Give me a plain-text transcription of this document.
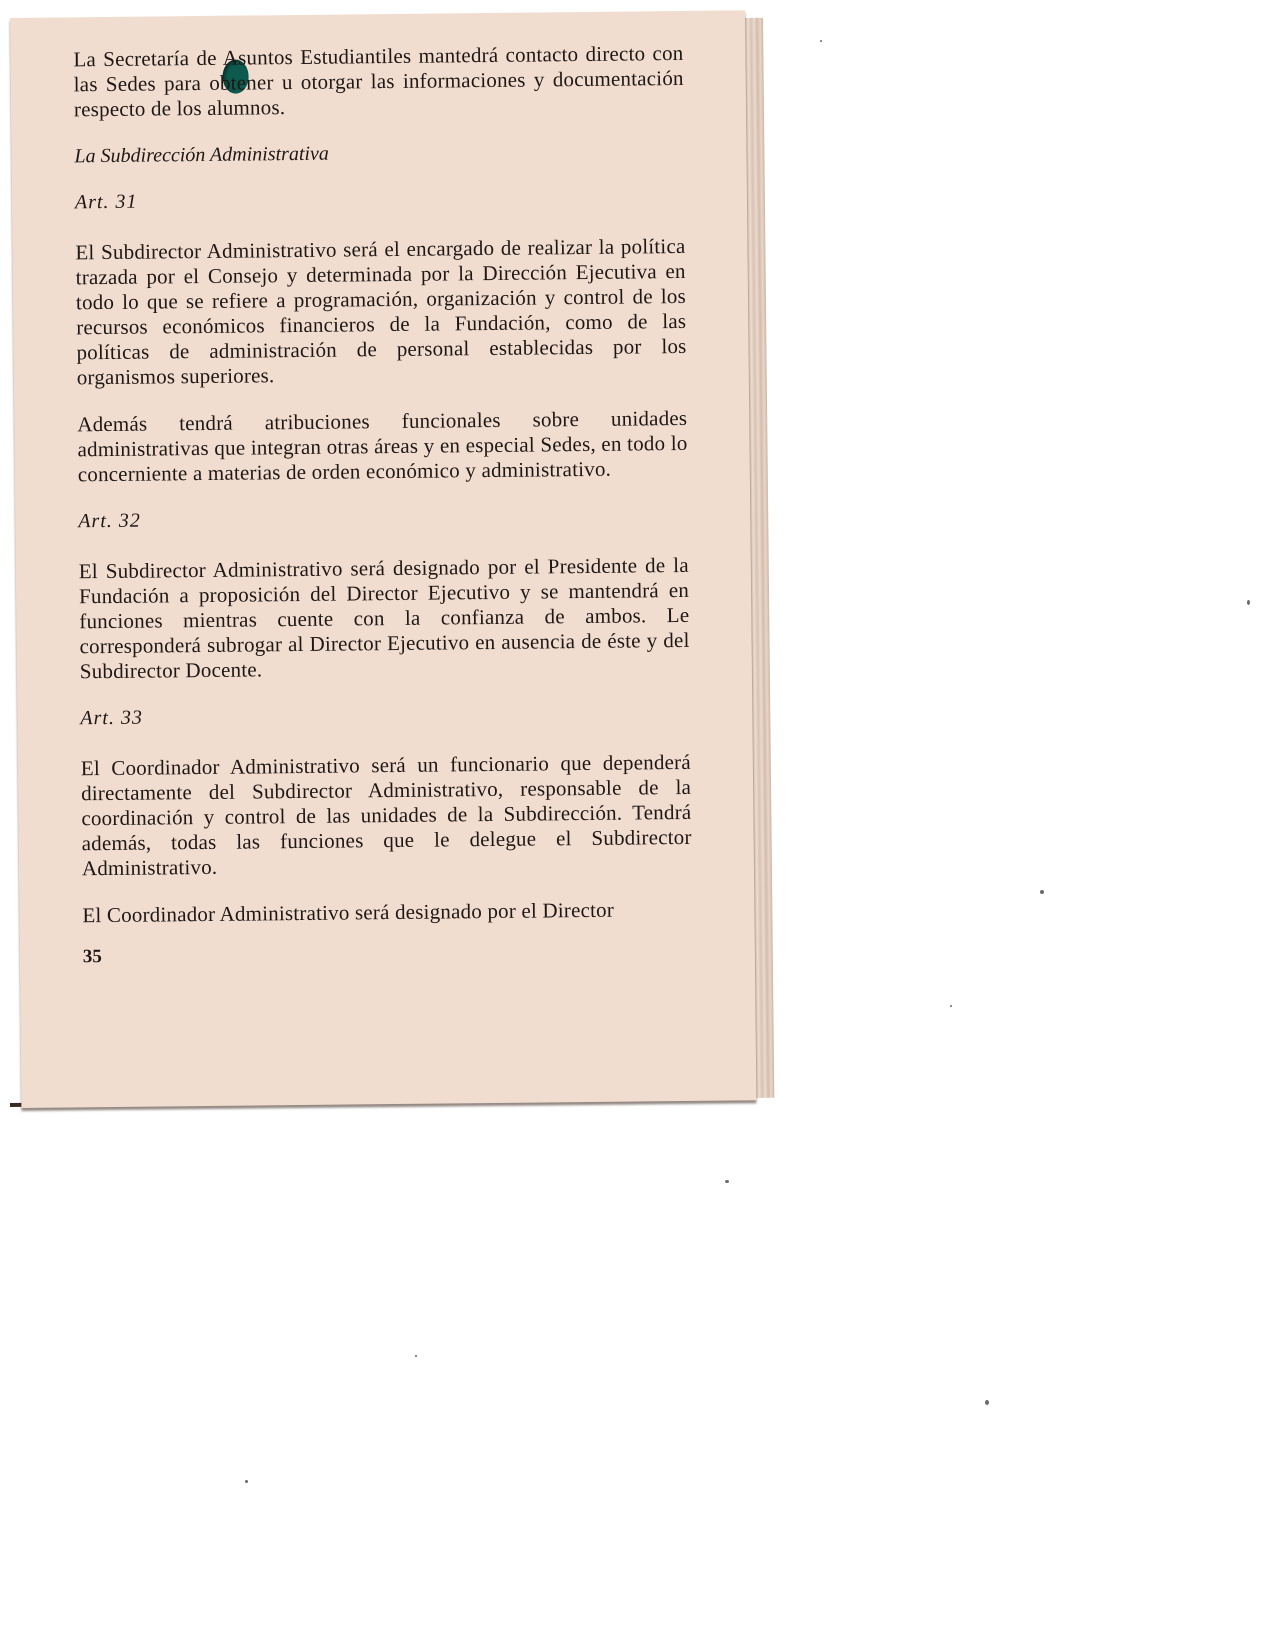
La Secretaría de Asuntos Estudiantiles mantedrá contacto directo con las Sedes para obtener u otorgar las informaciones y documentación respecto de los alumnos.

La Subdirección Administrativa

Art. 31

El Subdirector Administrativo será el encargado de realizar la política trazada por el Consejo y determinada por la Dirección Ejecutiva en todo lo que se refiere a programación, organización y control de los recursos económicos financieros de la Fundación, como de las políticas de administración de personal establecidas por los organismos superiores.

Además tendrá atribuciones funcionales sobre unidades administrativas que integran otras áreas y en especial Sedes, en todo lo concerniente a materias de orden económico y administrativo.

Art. 32

El Subdirector Administrativo será designado por el Presidente de la Fundación a proposición del Director Ejecutivo y se mantendrá en funciones mientras cuente con la confianza de ambos. Le corresponderá subrogar al Director Ejecutivo en ausencia de éste y del Subdirector Docente.

Art. 33

El Coordinador Administrativo será un funcionario que dependerá directamente del Subdirector Administrativo, responsable de la coordinación y control de las unidades de la Subdirección. Tendrá además, todas las funciones que le delegue el Subdirector Administrativo.

El Coordinador Administrativo será designado por el Director

35
